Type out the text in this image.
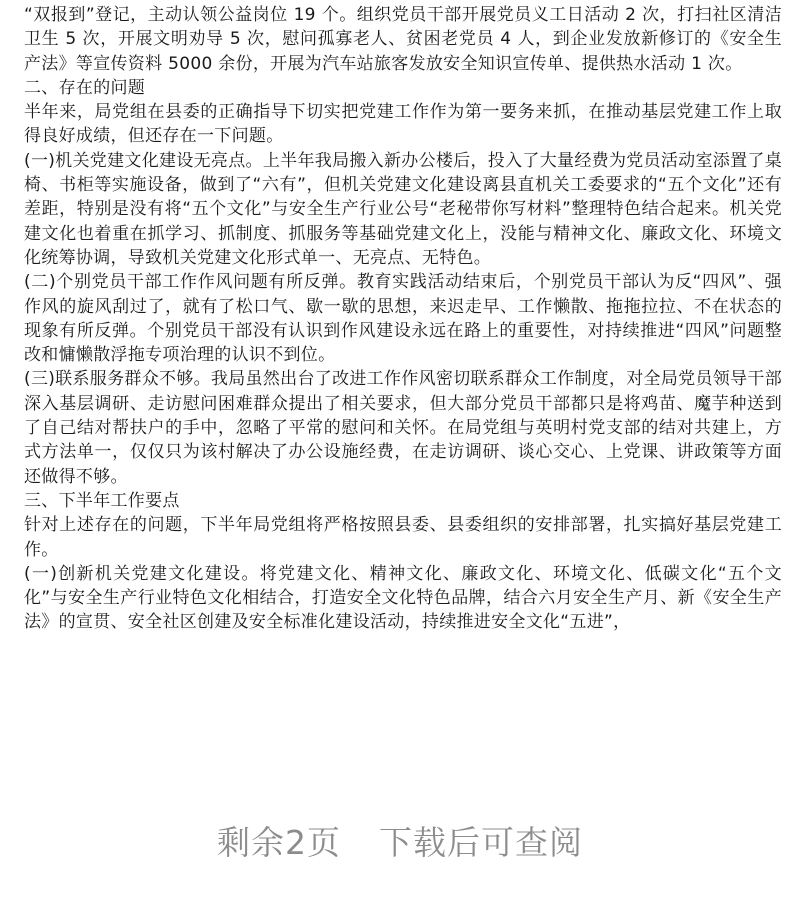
“双报到”登记，主动认领公益岗位 19 个。组织党员干部开展党员义工日活动 2 次，打扫社区清洁卫生 5 次，开展文明劝导 5 次，慰问孤寡老人、贫困老党员 4 人，到企业发放新修订的《安全生产法》等宣传资料 5000 余份，开展为汽车站旅客发放安全知识宣传单、提供热水活动 1 次。

二、存在的问题

半年来，局党组在县委的正确指导下切实把党建工作作为第一要务来抓，在推动基层党建工作上取得良好成绩，但还存在一下问题。

(一)机关党建文化建设无亮点。上半年我局搬入新办公楼后，投入了大量经费为党员活动室添置了桌椅、书柜等实施设备，做到了“六有”，但机关党建文化建设离县直机关工委要求的“五个文化”还有差距，特别是没有将“五个文化”与安全生产行业公号“老秘带你写材料”整理特色结合起来。机关党建文化也着重在抓学习、抓制度、抓服务等基础党建文化上，没能与精神文化、廉政文化、环境文化统筹协调，导致机关党建文化形式单一、无亮点、无特色。

(二)个别党员干部工作作风问题有所反弹。教育实践活动结束后，个别党员干部认为反“四风”、强作风的旋风刮过了，就有了松口气、歇一歇的思想，来迟走早、工作懒散、拖拖拉拉、不在状态的现象有所反弹。个别党员干部没有认识到作风建设永远在路上的重要性，对持续推进“四风”问题整改和慵懒散浮拖专项治理的认识不到位。

(三)联系服务群众不够。我局虽然出台了改进工作作风密切联系群众工作制度，对全局党员领导干部深入基层调研、走访慰问困难群众提出了相关要求，但大部分党员干部都只是将鸡苗、魔芋种送到了自己结对帮扶户的手中，忽略了平常的慰问和关怀。在局党组与英明村党支部的结对共建上，方式方法单一，仅仅只为该村解决了办公设施经费，在走访调研、谈心交心、上党课、讲政策等方面还做得不够。

三、下半年工作要点

针对上述存在的问题，下半年局党组将严格按照县委、县委组织的安排部署，扎实搞好基层党建工作。

(一)创新机关党建文化建设。将党建文化、精神文化、廉政文化、环境文化、低碳文化“五个文化”与安全生产行业特色文化相结合，打造安全文化特色品牌，结合六月安全生产月、新《安全生产法》的宣贯、安全社区创建及安全标准化建设活动，持续推进安全文化“五进”，

剩余2页 下载后可查阅
